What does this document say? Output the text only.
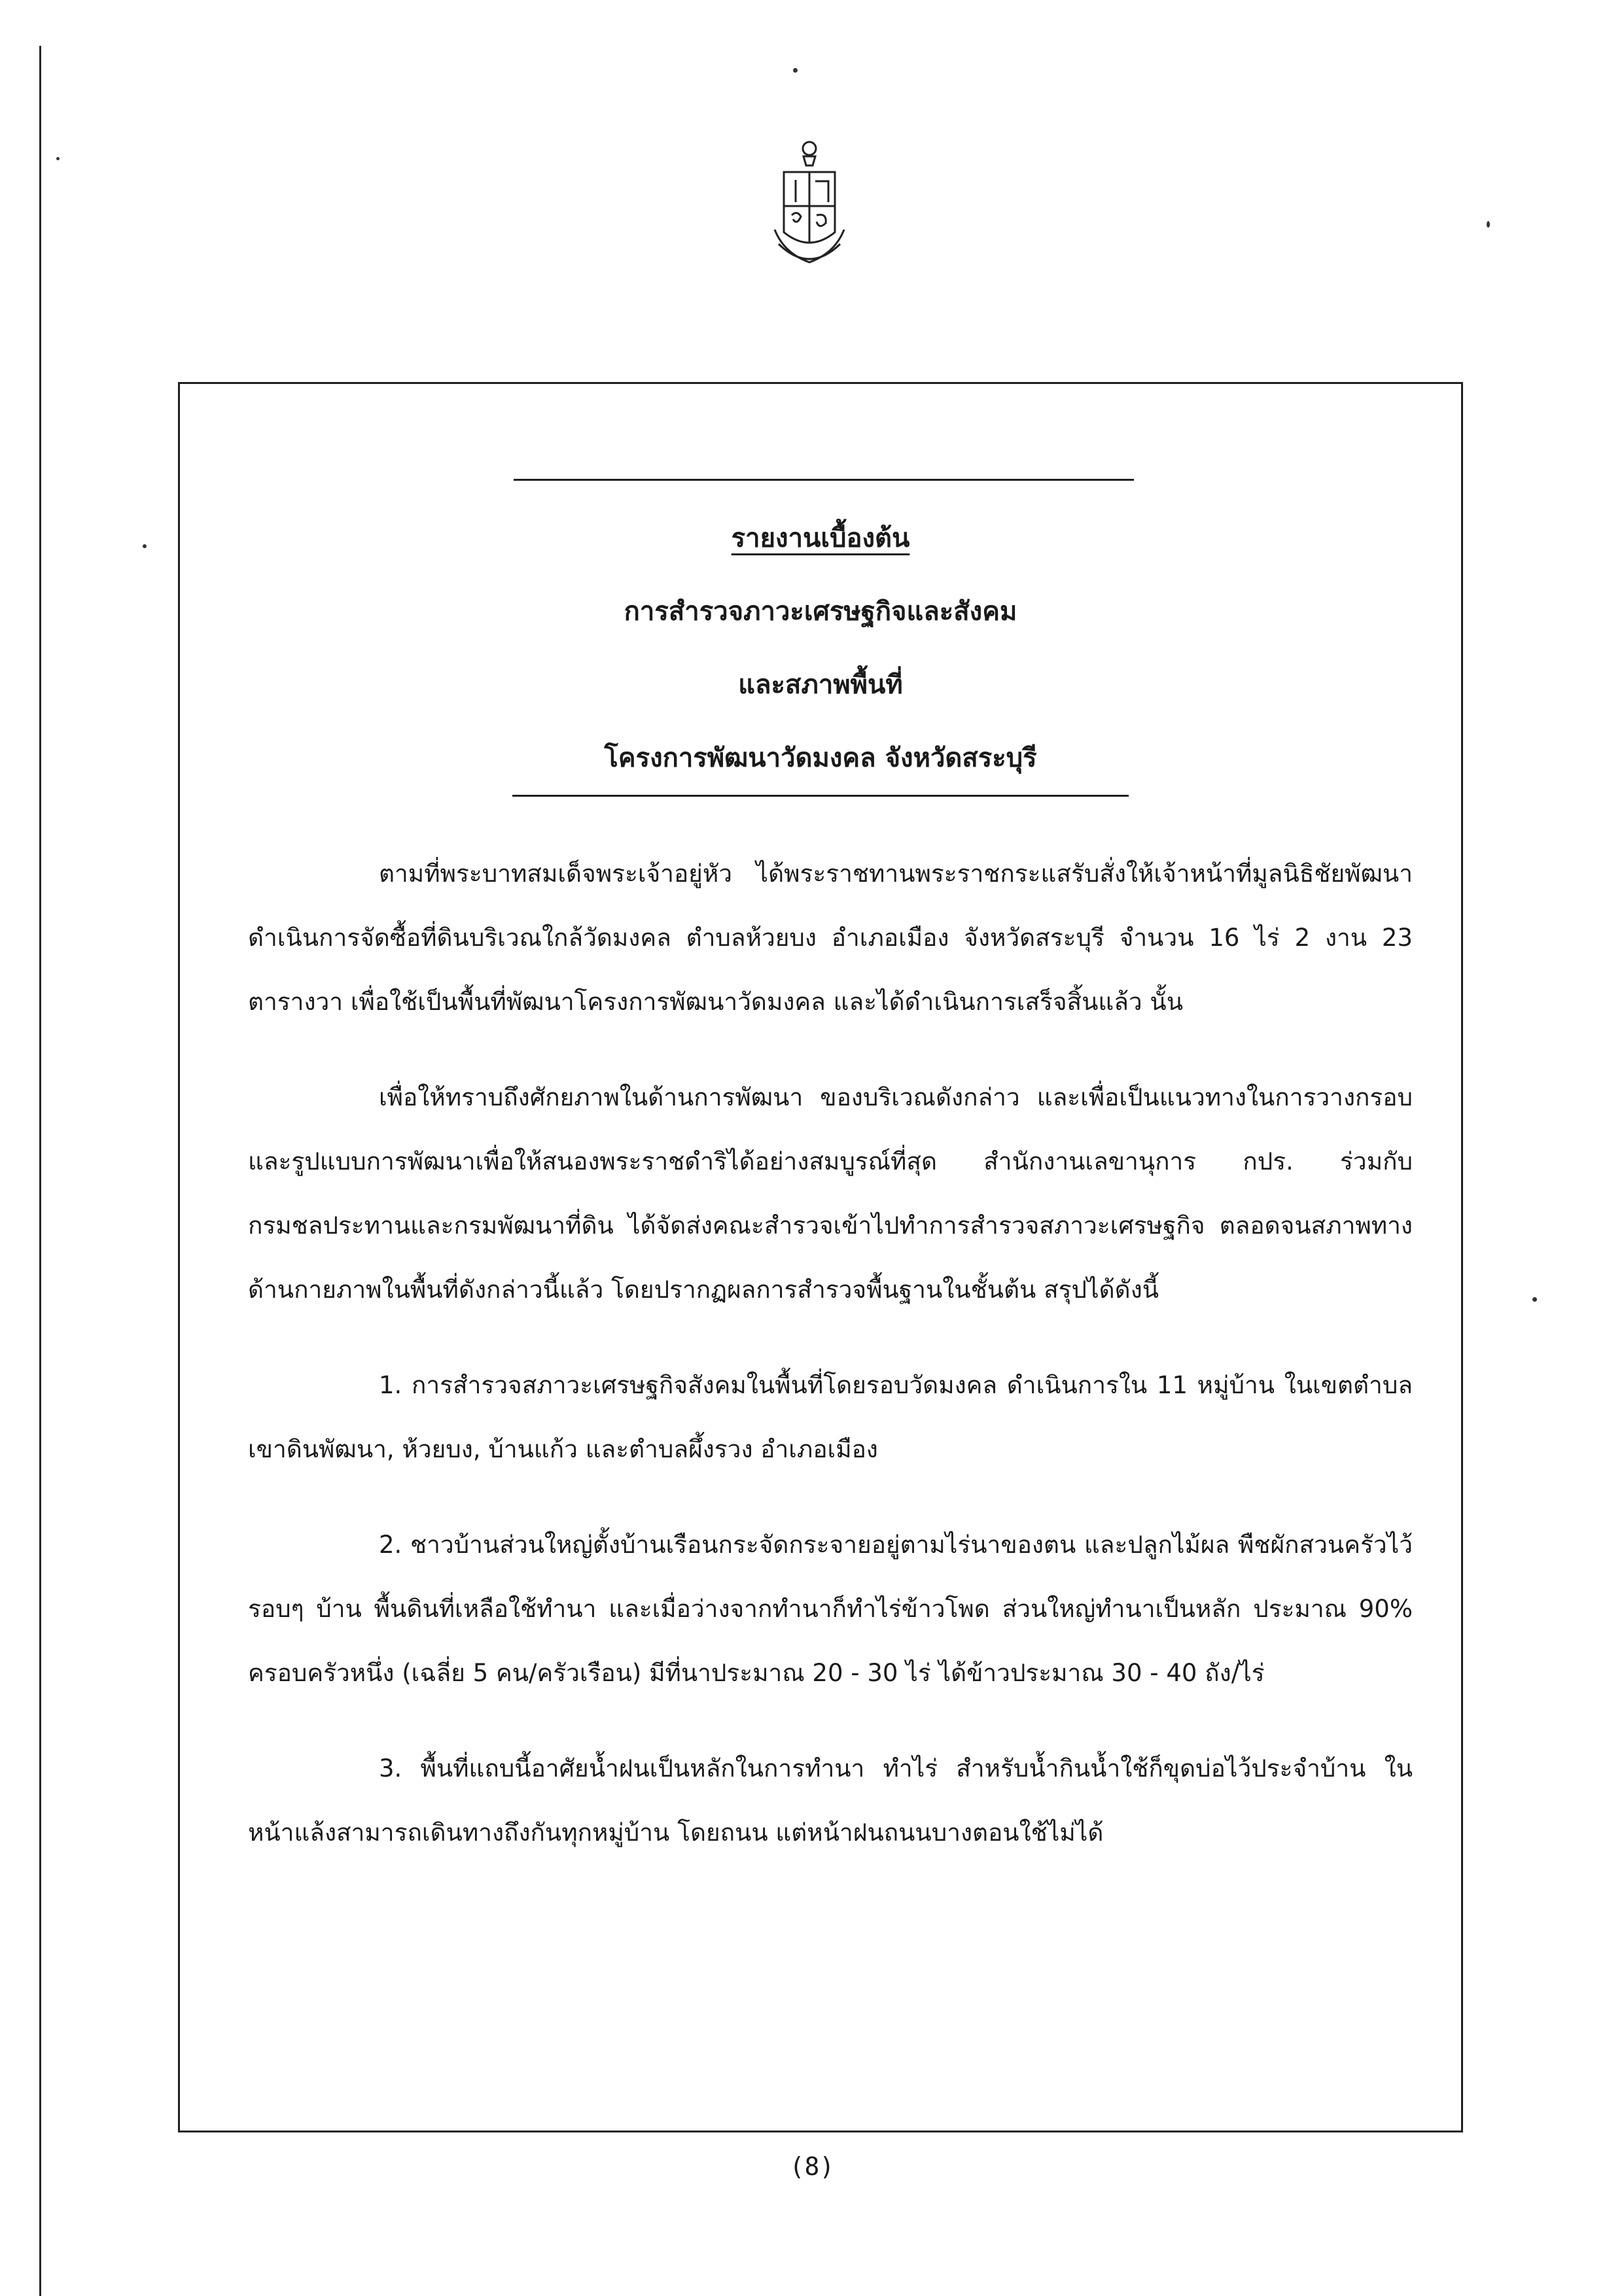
รายงานเบื้องต้น

การสำรวจภาวะเศรษฐกิจและสังคม

และสภาพพื้นที่

โครงการพัฒนาวัดมงคล จังหวัดสระบุรี

ตามที่พระบาทสมเด็จพระเจ้าอยู่หัว ได้พระราชทานพระราชกระแสรับสั่งให้เจ้าหน้าที่มูลนิธิชัยพัฒนา ดำเนินการจัดซื้อที่ดินบริเวณใกล้วัดมงคล ตำบลห้วยบง อำเภอเมือง จังหวัดสระบุรี จำนวน 16 ไร่ 2 งาน 23 ตารางวา เพื่อใช้เป็นพื้นที่พัฒนาโครงการพัฒนาวัดมงคล และได้ดำเนินการเสร็จสิ้นแล้ว นั้น

เพื่อให้ทราบถึงศักยภาพในด้านการพัฒนา ของบริเวณดังกล่าว และเพื่อเป็นแนวทางในการวางกรอบและรูปแบบการพัฒนาเพื่อให้สนองพระราชดำริได้อย่างสมบูรณ์ที่สุด สำนักงานเลขานุการ กปร. ร่วมกับกรมชลประทานและกรมพัฒนาที่ดิน ได้จัดส่งคณะสำรวจเข้าไปทำการสำรวจสภาวะเศรษฐกิจ ตลอดจนสภาพทางด้านกายภาพในพื้นที่ดังกล่าวนี้แล้ว โดยปรากฏผลการสำรวจพื้นฐานในชั้นต้น สรุปได้ดังนี้

1. การสำรวจสภาวะเศรษฐกิจสังคมในพื้นที่โดยรอบวัดมงคล ดำเนินการใน 11 หมู่บ้าน ในเขตตำบลเขาดินพัฒนา, ห้วยบง, บ้านแก้ว และตำบลผึ้งรวง อำเภอเมือง

2. ชาวบ้านส่วนใหญ่ตั้งบ้านเรือนกระจัดกระจายอยู่ตามไร่นาของตน และปลูกไม้ผล พืชผักสวนครัวไว้รอบๆ บ้าน พื้นดินที่เหลือใช้ทำนา และเมื่อว่างจากทำนาก็ทำไร่ข้าวโพด ส่วนใหญ่ทำนาเป็นหลัก ประมาณ 90% ครอบครัวหนึ่ง (เฉลี่ย 5 คน/ครัวเรือน) มีที่นาประมาณ 20 - 30 ไร่ ได้ข้าวประมาณ 30 - 40 ถัง/ไร่

3. พื้นที่แถบนี้อาศัยน้ำฝนเป็นหลักในการทำนา ทำไร่ สำหรับน้ำกินน้ำใช้ก็ขุดบ่อไว้ประจำบ้าน ในหน้าแล้งสามารถเดินทางถึงกันทุกหมู่บ้าน โดยถนน แต่หน้าฝนถนนบางตอนใช้ไม่ได้

(8)
